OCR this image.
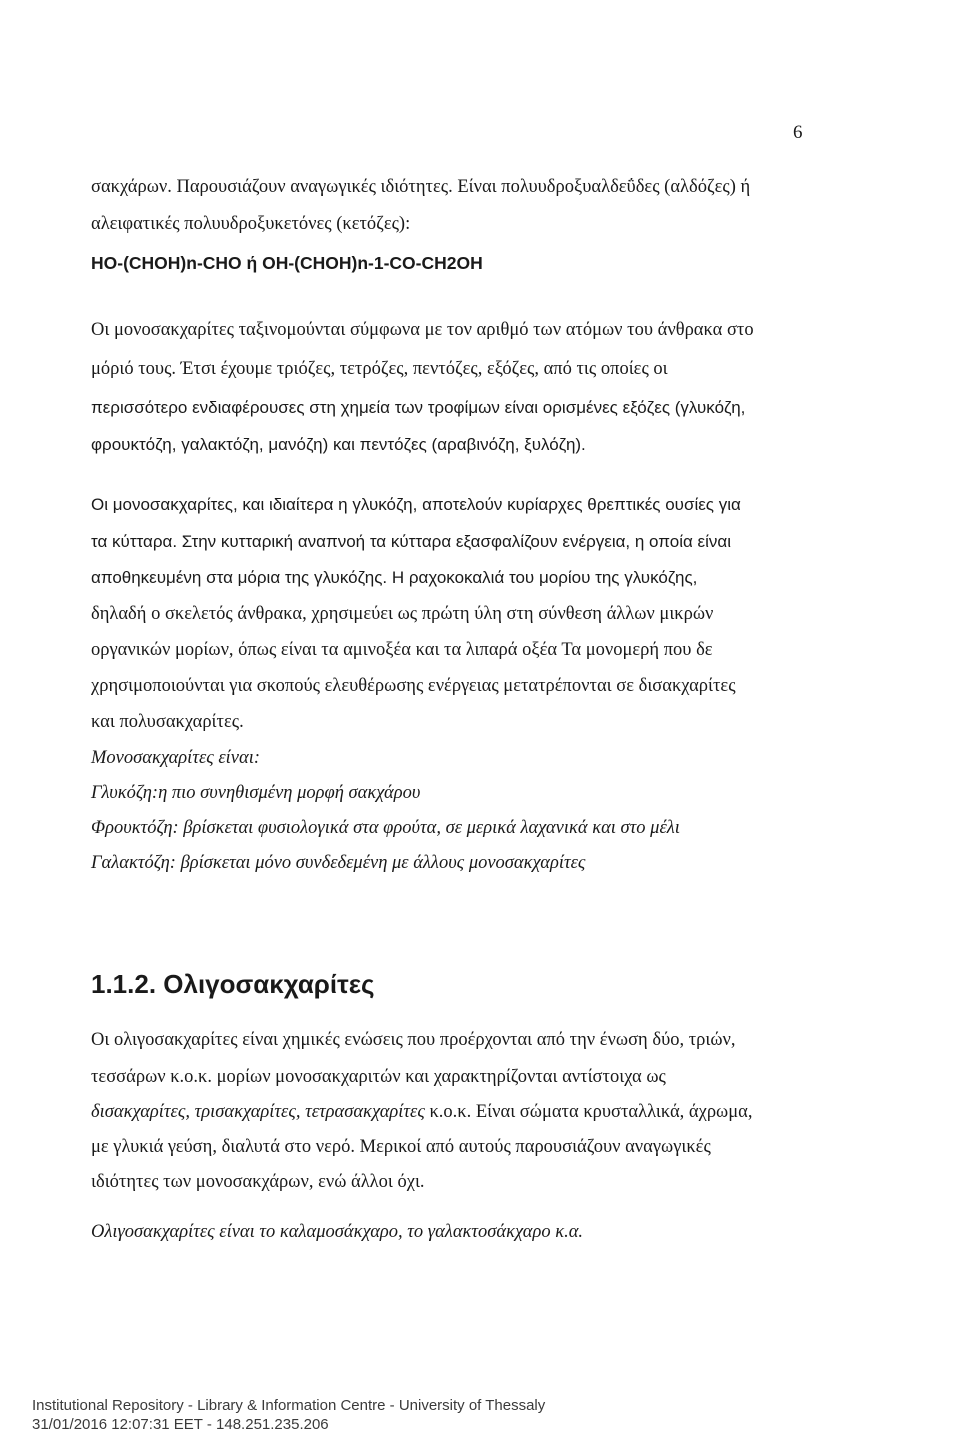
6
σακχάρων. Παρουσιάζουν αναγωγικές ιδιότητες. Είναι πολυυδροξυαλδεΰδες (αλδόζες) ή
αλειφατικές πολυυδροξυκετόνες (κετόζες):
HO-(CHOH)n-CHO ή OH-(CHOH)n-1-CO-CH2OH
Οι μονοσακχαρίτες ταξινομούνται σύμφωνα με τον αριθμό των ατόμων του άνθρακα στο
μόριό τους. Έτσι έχουμε τριόζες, τετρόζες, πεντόζες, εξόζες, από τις οποίες οι
περισσότερο ενδιαφέρουσες στη χημεία των τροφίμων είναι ορισμένες εξόζες (γλυκόζη,
φρουκτόζη, γαλακτόζη, μανόζη) και πεντόζες (αραβινόζη, ξυλόζη).
Οι μονοσακχαρίτες, και ιδιαίτερα η γλυκόζη, αποτελούν κυρίαρχες θρεπτικές ουσίες για
τα κύτταρα. Στην κυτταρική αναπνοή τα κύτταρα εξασφαλίζουν ενέργεια, η οποία είναι
αποθηκευμένη στα μόρια της γλυκόζης. Η ραχοκοκαλιά του μορίου της γλυκόζης,
δηλαδή ο σκελετός άνθρακα, χρησιμεύει ως πρώτη ύλη στη σύνθεση άλλων μικρών
οργανικών μορίων, όπως είναι τα αμινοξέα και τα λιπαρά οξέα Τα μονομερή που δε
χρησιμοποιούνται για σκοπούς ελευθέρωσης ενέργειας μετατρέπονται σε δισακχαρίτες
και πολυσακχαρίτες.
Μονοσακχαρίτες είναι:
Γλυκόζη:η πιο συνηθισμένη μορφή σακχάρου
Φρουκτόζη: βρίσκεται φυσιολογικά στα φρούτα, σε μερικά λαχανικά και στο μέλι
Γαλακτόζη: βρίσκεται μόνο συνδεδεμένη με άλλους μονοσακχαρίτες
1.1.2. Ολιγοσακχαρίτες
Οι ολιγοσακχαρίτες είναι χημικές ενώσεις που προέρχονται από την ένωση δύο, τριών,
τεσσάρων κ.ο.κ. μορίων μονοσακχαριτών και χαρακτηρίζονται αντίστοιχα ως
δισακχαρίτες, τρισακχαρίτες, τετρασακχαρίτες κ.ο.κ. Είναι σώματα κρυσταλλικά, άχρωμα,
με γλυκιά γεύση, διαλυτά στο νερό. Μερικοί από αυτούς παρουσιάζουν αναγωγικές
ιδιότητες των μονοσακχάρων, ενώ άλλοι όχι.
Ολιγοσακχαρίτες είναι το καλαμοσάκχαρο, το γαλακτοσάκχαρο κ.α.
Institutional Repository - Library & Information Centre - University of Thessaly
31/01/2016 12:07:31 EET - 148.251.235.206
